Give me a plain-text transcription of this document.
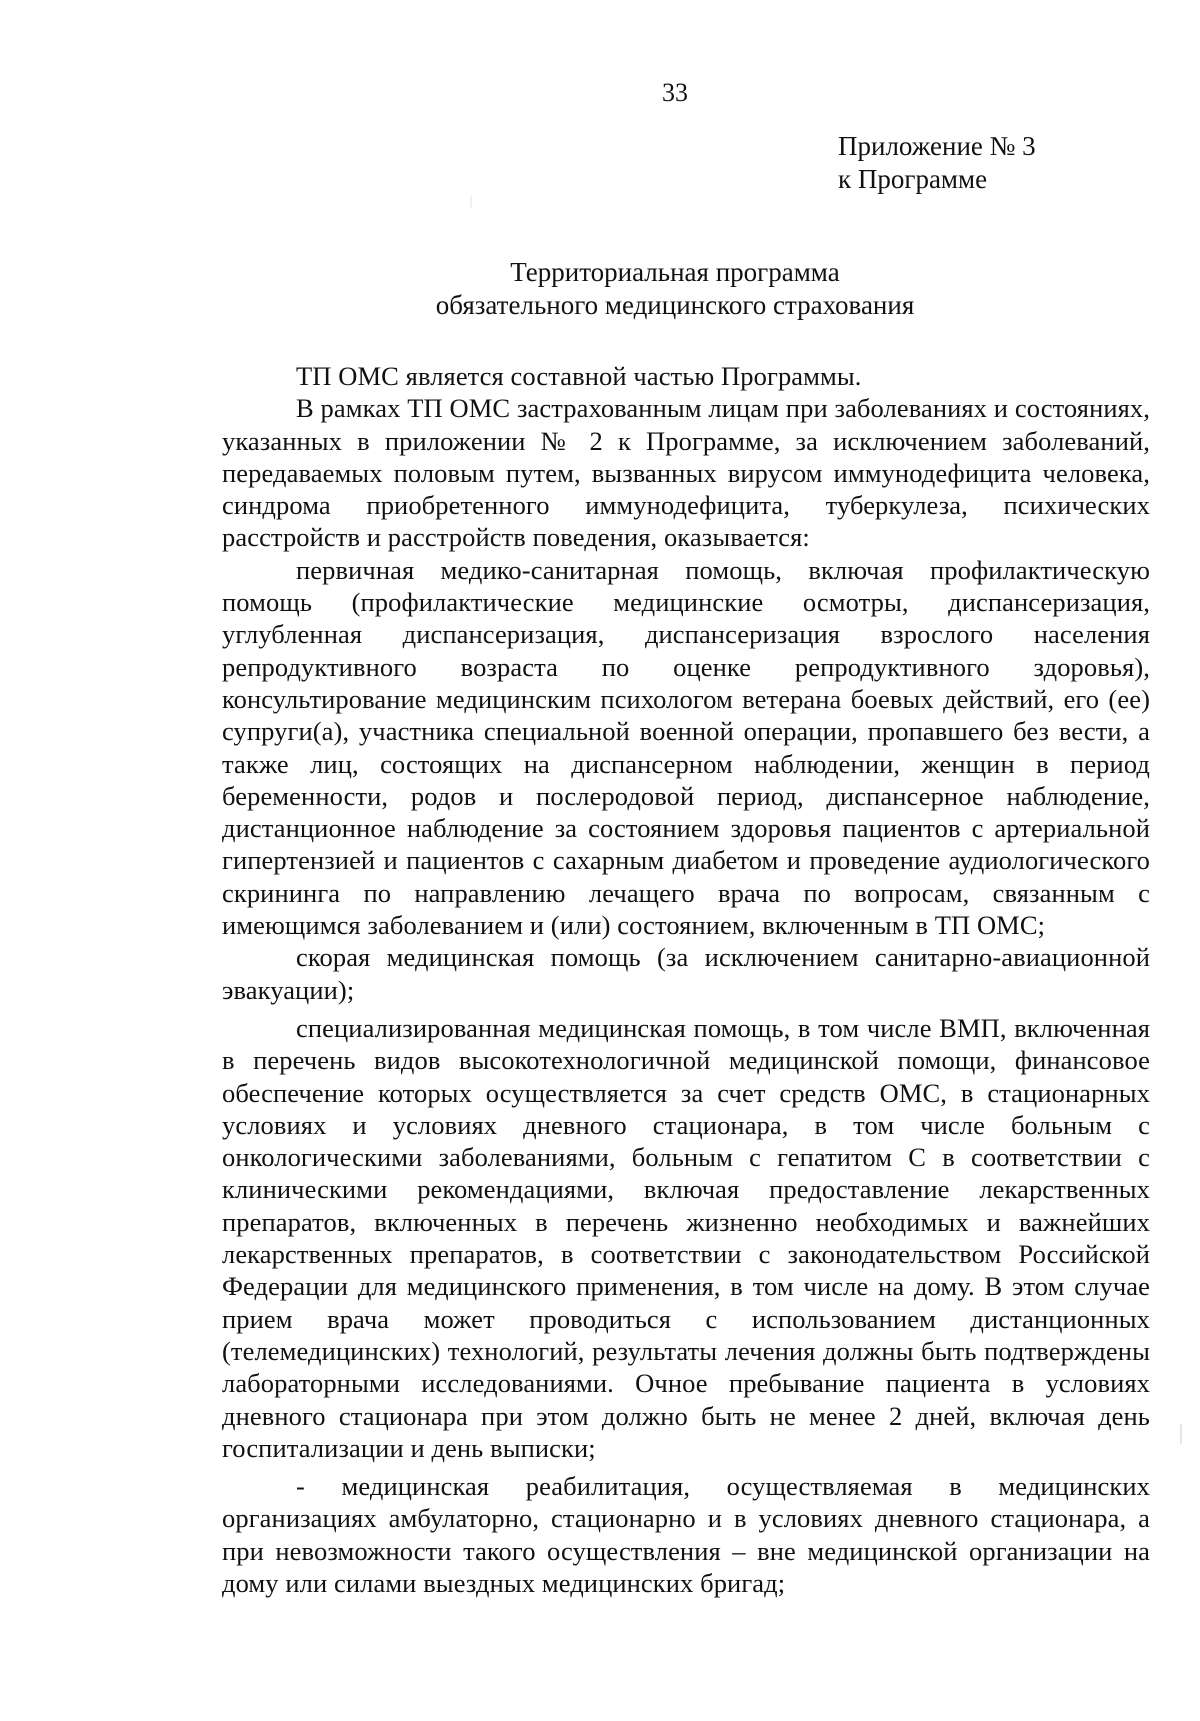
33
Приложение № 3
к Программе
Территориальная программа
обязательного медицинского страхования

ТП ОМС является составной частью Программы.

В рамках ТП ОМС застрахованным лицам при заболеваниях и состояниях, указанных в приложении № 2 к Программе, за исключением заболеваний, передаваемых половым путем, вызванных вирусом иммунодефицита человека, синдрома приобретенного иммунодефицита, туберкулеза, психических расстройств и расстройств поведения, оказывается:

первичная медико-санитарная помощь, включая профилактическую помощь (профилактические медицинские осмотры, диспансеризация, углубленная диспансеризация, диспансеризация взрослого населения репродуктивного возраста по оценке репродуктивного здоровья), консультирование медицинским психологом ветерана боевых действий, его (ее) супруги(а), участника специальной военной операции, пропавшего без вести, а также лиц, состоящих на диспансерном наблюдении, женщин в период беременности, родов и послеродовой период, диспансерное наблюдение, дистанционное наблюдение за состоянием здоровья пациентов с артериальной гипертензией и пациентов с сахарным диабетом и проведение аудиологического скрининга по направлению лечащего врача по вопросам, связанным с имеющимся заболеванием и (или) состоянием, включенным в ТП ОМС;

скорая медицинская помощь (за исключением санитарно-авиационной эвакуации);

специализированная медицинская помощь, в том числе ВМП, включенная в перечень видов высокотехнологичной медицинской помощи, финансовое обеспечение которых осуществляется за счет средств ОМС, в стационарных условиях и условиях дневного стационара, в том числе больным с онкологическими заболеваниями, больным с гепатитом С в соответствии с клиническими рекомендациями, включая предоставление лекарственных препаратов, включенных в перечень жизненно необходимых и важнейших лекарственных препаратов, в соответствии с законодательством Российской Федерации для медицинского применения, в том числе на дому. В этом случае прием врача может проводиться с использованием дистанционных (телемедицинских) технологий, результаты лечения должны быть подтверждены лабораторными исследованиями. Очное пребывание пациента в условиях дневного стационара при этом должно быть не менее 2 дней, включая день госпитализации и день выписки;

- медицинская реабилитация, осуществляемая в медицинских организациях амбулаторно, стационарно и в условиях дневного стационара, а при невозможности такого осуществления – вне медицинской организации на дому или силами выездных медицинских бригад;
